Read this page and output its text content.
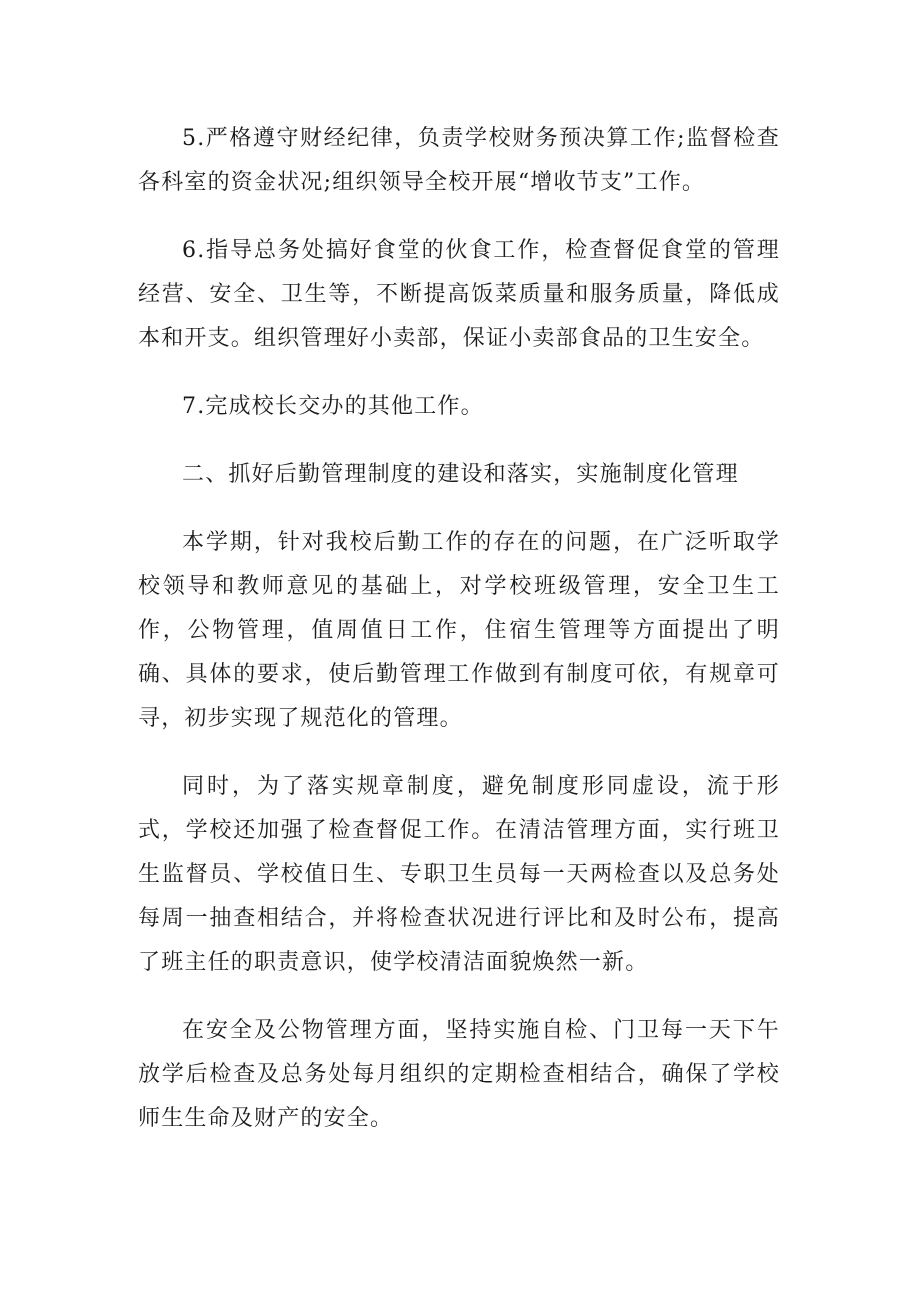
5.严格遵守财经纪律，负责学校财务预决算工作;监督检查各科室的资金状况;组织领导全校开展“增收节支”工作。

6.指导总务处搞好食堂的伙食工作，检查督促食堂的管理经营、安全、卫生等，不断提高饭菜质量和服务质量，降低成本和开支。组织管理好小卖部，保证小卖部食品的卫生安全。

7.完成校长交办的其他工作。

二、抓好后勤管理制度的建设和落实，实施制度化管理

本学期，针对我校后勤工作的存在的问题，在广泛听取学校领导和教师意见的基础上，对学校班级管理，安全卫生工作，公物管理，值周值日工作，住宿生管理等方面提出了明确、具体的要求，使后勤管理工作做到有制度可依，有规章可寻，初步实现了规范化的管理。

同时，为了落实规章制度，避免制度形同虚设，流于形式，学校还加强了检查督促工作。在清洁管理方面，实行班卫生监督员、学校值日生、专职卫生员每一天两检查以及总务处每周一抽查相结合，并将检查状况进行评比和及时公布，提高了班主任的职责意识，使学校清洁面貌焕然一新。

在安全及公物管理方面，坚持实施自检、门卫每一天下午放学后检查及总务处每月组织的定期检查相结合，确保了学校师生生命及财产的安全。
